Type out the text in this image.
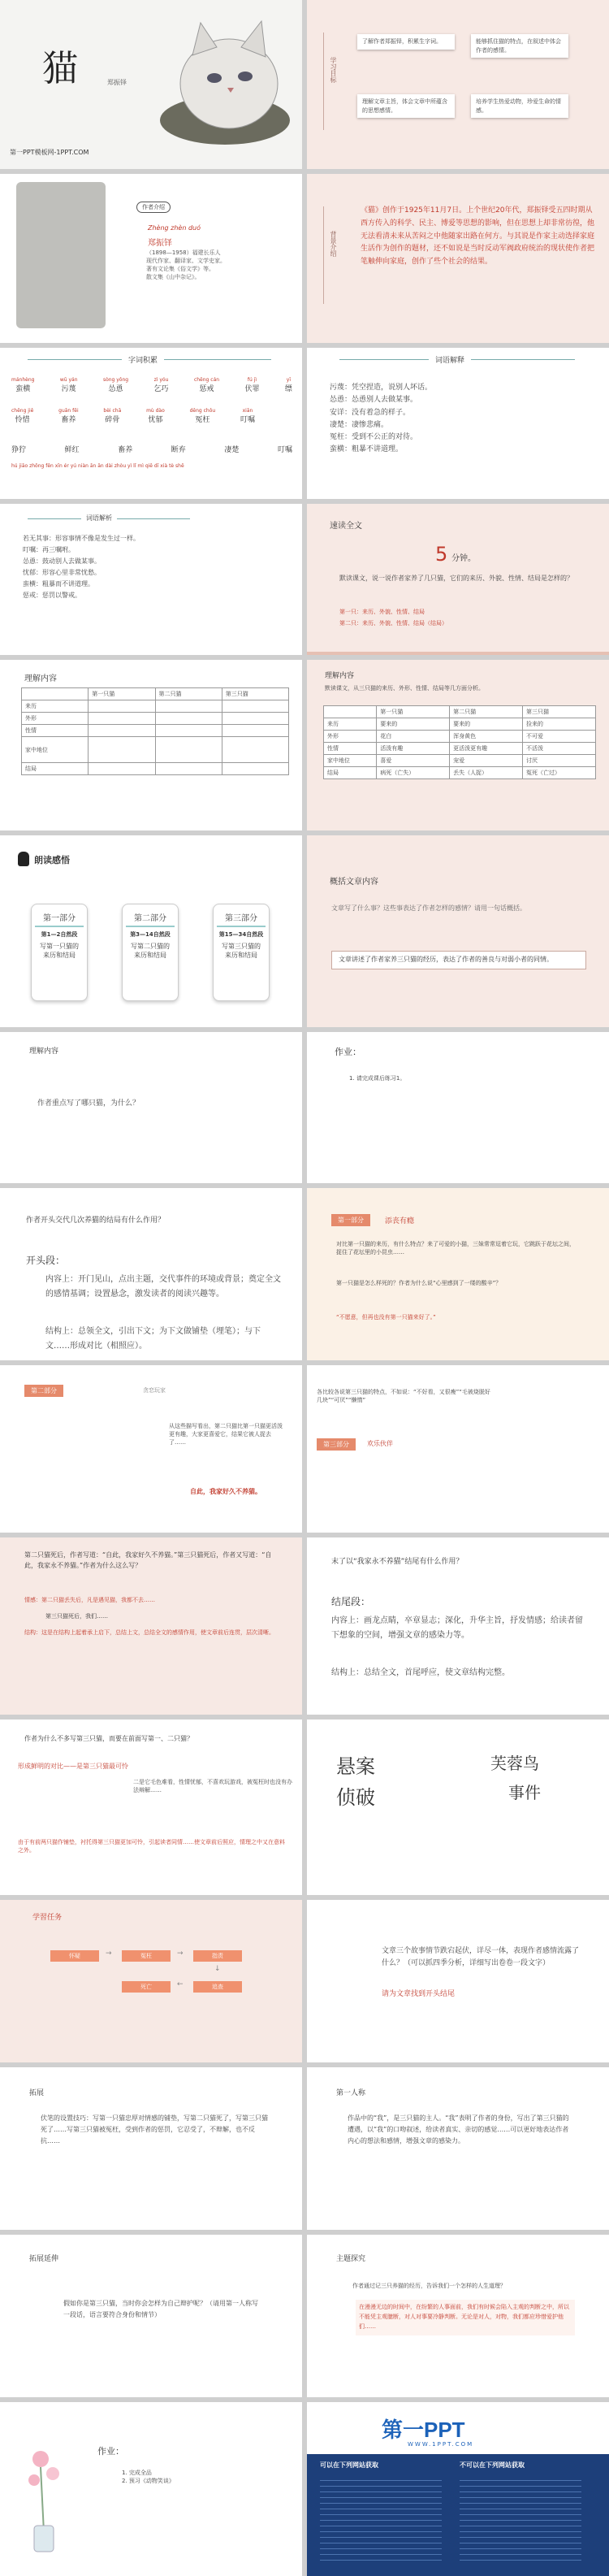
猫	郑振铎
第一PPT模板网-1PPT.COM
学习目标
了解作者郑振铎，积累生字词。	能够抓住猫的特点，在叙述中体会作者的感情。
理解文章主旨，体会文章中所蕴含的思想感情。
培养学生热爱动物，珍爱生命的情感。
作者介绍
Zhèng zhèn duó
郑振铎
（1898—1958）福建长乐人
现代作家、翻译家、文学史家。
著有文论集《俗文学》等。
散文集《山中杂记》。
背景介绍
《猫》创作于1925年11月7日。上个世纪20年代，郑振铎受五四时期从西方传入的科学、民主、博爱等思想的影响，但在思想上却非常彷徨，他无法看清未来从苦闷之中他随家出路在何方。与其说是作家主动选择家庭生活作为创作的题材，还不如说是当时反动军阀政府统治的现状使作者把笔触伸向家庭，创作了些个社会的结果。
字词积累
mánhèng
蛮横
wū yán
污蔑
sòng yǒng
怂恿
zì yóu
乞巧
chěng cán
惩戒
fú jì
伏罪
yī
缥
chěng jiě
怜惜
guān fēi
畜养
bèi chā
碎骨
mù dào
忧郁
dēng chǒu
冤枉
xiān
叮嘱
狰狞	鲜红	畜养	断弃	凄楚	叮嘱
hú jiāo zhōng fēn xīn ér yú niàn ān ān dài zhòu yì lǐ mì qiē dī xià tè shē
词语解释
污蔑：凭空捏造，说别人坏话。
怂恿：怂恿别人去做某事。
安详：没有着急的样子。
凄楚：凄惨悲痛。
冤枉：受到不公正的对待。
蛮横：粗暴不讲道理。
词语解析
若无其事：形容事情不像是发生过一样。
叮嘱：再三嘱咐。
怂恿：鼓动别人去做某事。
忧郁：形容心里非常忧愁。
蛮横：粗暴而不讲道理。
惩戒：惩罚以警戒。
速读全文
5 分钟。
默读课文，说一说作者家养了几只猫，它们的来历、外貌、性情、结局是怎样的？
第一只：来历、外貌、性情、结局
第二只：来历、外貌、性情、结局（结局）
理解内容
	第一只猫	第二只猫	第三只猫
来历			
外形			
性情			
家中地位			
结局			
理解内容
默读课文，从三只猫的来历、外形、性情、结局等几方面分析。
	第一只猫	第二只猫	第三只猫
来历	要来的	要来的	捡来的
外形	花白	浑身黄色	不可爱
性情	活泼有趣	更活泼更有趣	不活泼
家中地位	喜爱	宠爱	讨厌
结局	病死（亡失）	丢失（人捉）	冤死（亡过）
朗读感悟
第一部分
第1—2自然段
写第一只猫的来历和结局
第二部分
第3—14自然段
写第二只猫的来历和结局
第三部分
第15—34自然段
写第三只猫的来历和结局
概括文章内容
文章写了什么事？这些事表达了作者怎样的感情？请用一句话概括。
文章讲述了作者家养三只猫的经历，表达了作者的善良与对弱小者的同情。
理解内容
作者重点写了哪只猫，为什么？
作业：
1. 请完成课后练习1。
作者开头交代几次养猫的结局有什么作用？
开头段：
内容上：开门见山，点出主题，交代事件的环境或背景；奠定全文的感情基调；设置悬念，激发读者的阅读兴趣等。
结构上：总领全文，引出下文；为下文做铺垫（埋笔）；与下文……形成对比（相照应）。
第一部分	添丧有瘾
对比第一只猫的来历，有什么特点？来了可爱的小猫，三妹常常逗着它玩，它跳跃于花坛之间，捉住了花坛里的小昆虫……
第一只猫是怎么样死的？作者为什么说“心里感到了一缕的酸辛”？
“不愿意，但再也没有第一只猫来好了。”
第二部分	贪恋玩家
从这些描写看出，第二只猫比第一只猫更活泼更有趣，大家更喜爱它，结果它被人捉去了……
自此，我家好久不养猫。
各比较各说第三只猫的特点，不如说：“不好看，又很瘦”“毛被烧脱好几块”“可厌”“懒惰”
第三部分	欢乐伙伴
第二只猫死后，作者写道：“自此，我家好久不养猫。”第三只猫死后，作者又写道：“自此，我家永不养猫。”作者为什么这么写？
情感：第二只猫丢失后，凡是遇见猫，我都不去……
第三只猫死后，我们……
结构：这是在结构上起着承上启下，总结上文，总结全文的感情作用，使文章前后连贯，层次清晰。
末了以“我家永不养猫”结尾有什么作用？
结尾段：
内容上：画龙点睛，卒章显志；深化，升华主旨，抒发情感；给读者留下想象的空间，增强文章的感染力等。
结构上：总结全文，首尾呼应，使文章结构完整。
作者为什么不多写第三只猫，而要在前面写第一、二只猫？
形成鲜明的对比——是第三只猫最可怜
二是它毛色难看，性情忧郁，不喜欢玩游戏，被冤枉时也没有办法辩解……
由于有前两只猫作铺垫，衬托得第三只猫更加可怜，引起读者同情……使文章前后照应，情理之中又在意料之外。
悬案
侦破
芙蓉鸟
事件
学習任务
怀疑	→	冤枉	→	指责
↓
追查
←
死亡
文章三个故事情节跌宕起伏，详尽一体，表现作者感情流露了什么？（可以抓四季分析，详细写出卷卷一段文字）
请为文章找到开头结尾
拓展
伏笔的设置技巧：写第一只猫忠厚对情感的铺垫，写第二只猫死了，写第三只猫死了……写第三只猫被冤枉，受到作者的惩罚，它忍受了，不辩解，也不反抗……
第一人称
作品中的“我”，是三只猫的主人。“我”表明了作者的身份，写出了第三只猫的遭遇，以“我”的口吻叙述，给读者真实、亲切的感觉……可以更好地表达作者内心的想法和感情，增强文章的感染力。
拓展延伸
假如你是第三只猫，当时你会怎样为自己辩护呢？（请用第一人称写一段话，语言要符合身份和情节）
主题探究
作者通过记三只养猫的经历，告诉我们一个怎样的人生道理？
在漫漫无边的时间中，在纷繁的人事面前，我们有时候会陷入主观的判断之中，所以不能凭主观臆断，对人对事要冷静判断。无论是对人，对物，我们都应珍惜爱护他们……
作业：
1. 完成全品
2. 预习《动物笑谈》
第一PPT
WWW.1PPT.COM
可以在下列网站获取	不可以在下列网站获取
